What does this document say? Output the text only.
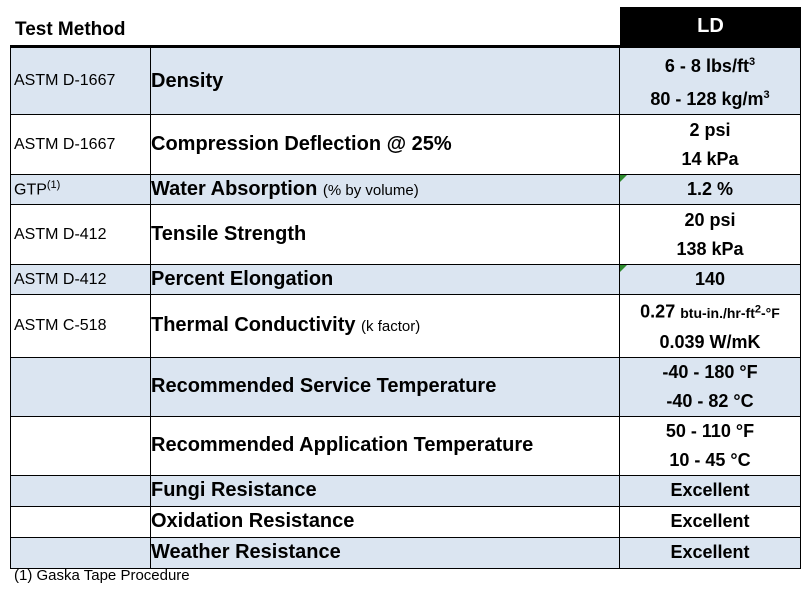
Test Method	LD
ASTM D-1667	Density	6 - 8 lbs/$ft^3$
80 - 128 $kg/m^3$

ASTM D-1667	Compression Deflection @ 25%	2 psi
14 kPa

GTP$^{(1)}$	Water Absorption (% by volume)	1.2 %
ASTM D-412	Tensile Strength	20 psi
138 kPa

ASTM D-412	Percent Elongation	140
ASTM C-518	Thermal Conductivity (k factor)	0.27 btu-$in./hr-ft^2-^\circ F$
0.039 W/mK

	Recommended Service Temperature	-40 - 180 °F
-40 - 82 °C

	Recommended Application Temperature	50 - 110 °F
10 - 45 °C

	Fungi Resistance	Excellent
	Oxidation Resistance	Excellent
	Weather Resistance	Excellent
(1) Gaska Tape Procedure
